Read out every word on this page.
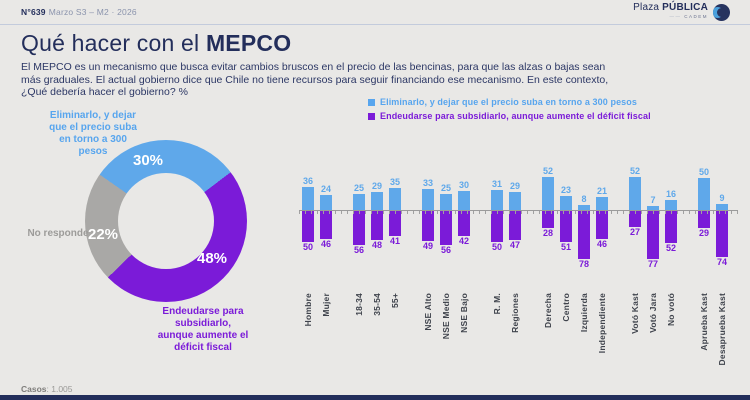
N°639 Marzo S3 – M2 · 2026	Plaza PÚBLICA
—— CADEM
Qué hacer con el MEPCO
El MEPCO es un mecanismo que busca evitar cambios bruscos en el precio de las bencinas, para que las alzas o bajas sean
más graduales. El actual gobierno dice que Chile no tiene recursos para seguir financiando ese mecanismo. En este contexto,
¿Qué debería hacer el gobierno? %
Eliminarlo, y dejar que el precio suba en torno a 300 pesos
Endeudarse para subsidiarlo, aunque aumente el déficit fiscal
30%
22%
48%
Eliminarlo, y dejar que el precio suba en torno a 300 pesos
No responde
Endeudarse para subsidiarlo, aunque aumente el déficit fiscal
36
50
Hombre
24
46
Mujer
25
56
18-34
29
48
35-54
35
41
55+
33
49
NSE Alto
25
56
NSE Medio
30
42
NSE Bajo
31
50
R. M.
29
47
Regiones
52
28
Derecha
23
51
Centro
8
78
Izquierda
21
46
Independiente
52
27
Votó Kast
7
77
Votó Jara
16
52
No votó
50
29
Aprueba Kast
9
74
Desaprueba Kast
Casos: 1.005
